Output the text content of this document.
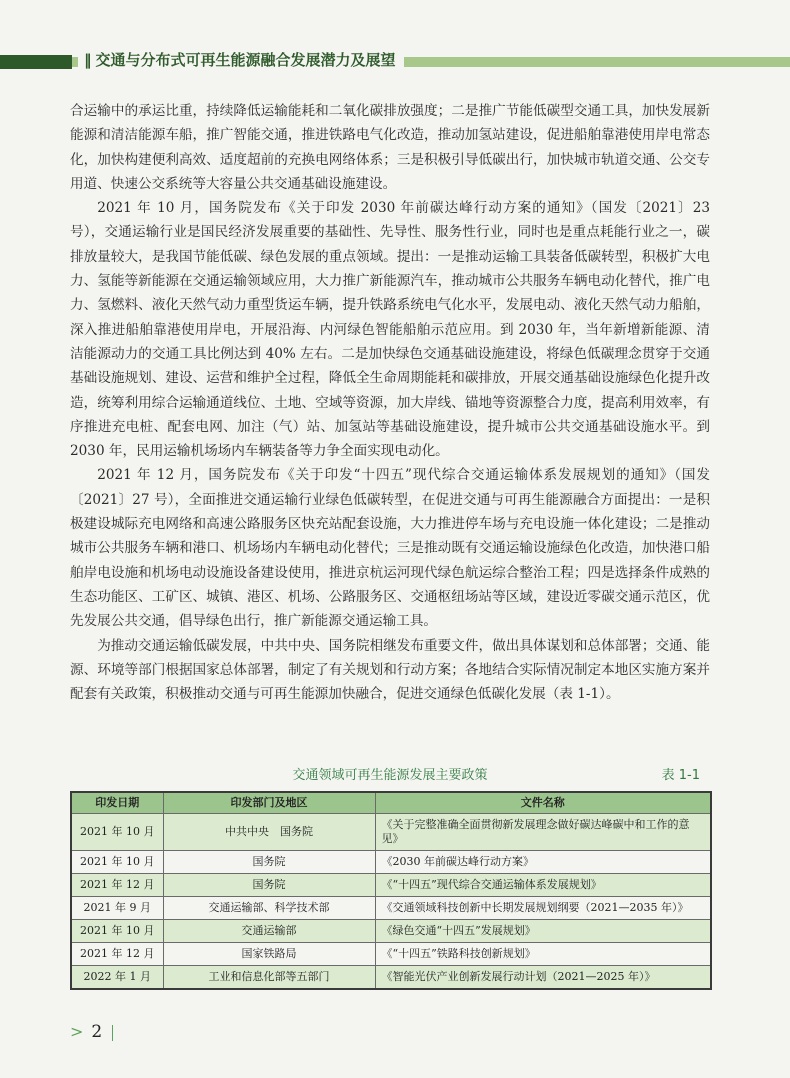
‖ 交通与分布式可再生能源融合发展潜力及展望

合运输中的承运比重，持续降低运输能耗和二氧化碳排放强度；二是推广节能低碳型交通工具，加快发展新能源和清洁能源车船，推广智能交通，推进铁路电气化改造，推动加氢站建设，促进船舶靠港使用岸电常态化，加快构建便利高效、适度超前的充换电网络体系；三是积极引导低碳出行，加快城市轨道交通、公交专用道、快速公交系统等大容量公共交通基础设施建设。

2021 年 10 月，国务院发布《关于印发 2030 年前碳达峰行动方案的通知》（国发〔2021〕23 号），交通运输行业是国民经济发展重要的基础性、先导性、服务性行业，同时也是重点耗能行业之一，碳排放量较大，是我国节能低碳、绿色发展的重点领域。提出：一是推动运输工具装备低碳转型，积极扩大电力、氢能等新能源在交通运输领域应用，大力推广新能源汽车，推动城市公共服务车辆电动化替代，推广电力、氢燃料、液化天然气动力重型货运车辆，提升铁路系统电气化水平，发展电动、液化天然气动力船舶，深入推进船舶靠港使用岸电，开展沿海、内河绿色智能船舶示范应用。到 2030 年，当年新增新能源、清洁能源动力的交通工具比例达到 40% 左右。二是加快绿色交通基础设施建设，将绿色低碳理念贯穿于交通基础设施规划、建设、运营和维护全过程，降低全生命周期能耗和碳排放，开展交通基础设施绿色化提升改造，统筹利用综合运输通道线位、土地、空域等资源，加大岸线、锚地等资源整合力度，提高利用效率，有序推进充电桩、配套电网、加注（气）站、加氢站等基础设施建设，提升城市公共交通基础设施水平。到 2030 年，民用运输机场场内车辆装备等力争全面实现电动化。

2021 年 12 月，国务院发布《关于印发“十四五”现代综合交通运输体系发展规划的通知》（国发〔2021〕27 号），全面推进交通运输行业绿色低碳转型，在促进交通与可再生能源融合方面提出：一是积极建设城际充电网络和高速公路服务区快充站配套设施，大力推进停车场与充电设施一体化建设；二是推动城市公共服务车辆和港口、机场场内车辆电动化替代；三是推动既有交通运输设施绿色化改造，加快港口船舶岸电设施和机场电动设施设备建设使用，推进京杭运河现代绿色航运综合整治工程；四是选择条件成熟的生态功能区、工矿区、城镇、港区、机场、公路服务区、交通枢纽场站等区域，建设近零碳交通示范区，优先发展公共交通，倡导绿色出行，推广新能源交通运输工具。

为推动交通运输低碳发展，中共中央、国务院相继发布重要文件，做出具体谋划和总体部署；交通、能源、环境等部门根据国家总体部署，制定了有关规划和行动方案；各地结合实际情况制定本地区实施方案并配套有关政策，积极推动交通与可再生能源加快融合，促进交通绿色低碳化发展（表 1-1）。

交通领域可再生能源发展主要政策	表 1-1
印发日期	印发部门及地区	文件名称
2021 年 10 月	中共中央　国务院	《关于完整准确全面贯彻新发展理念做好碳达峰碳中和工作的意见》
2021 年 10 月	国务院	《2030 年前碳达峰行动方案》
2021 年 12 月	国务院	《“十四五”现代综合交通运输体系发展规划》
2021 年 9 月	交通运输部、科学技术部	《交通领域科技创新中长期发展规划纲要（2021—2035 年）》
2021 年 10 月	交通运输部	《绿色交通“十四五”发展规划》
2021 年 12 月	国家铁路局	《“十四五”铁路科技创新规划》
2022 年 1 月	工业和信息化部等五部门	《智能光伏产业创新发展行动计划（2021—2025 年）》
> 2
